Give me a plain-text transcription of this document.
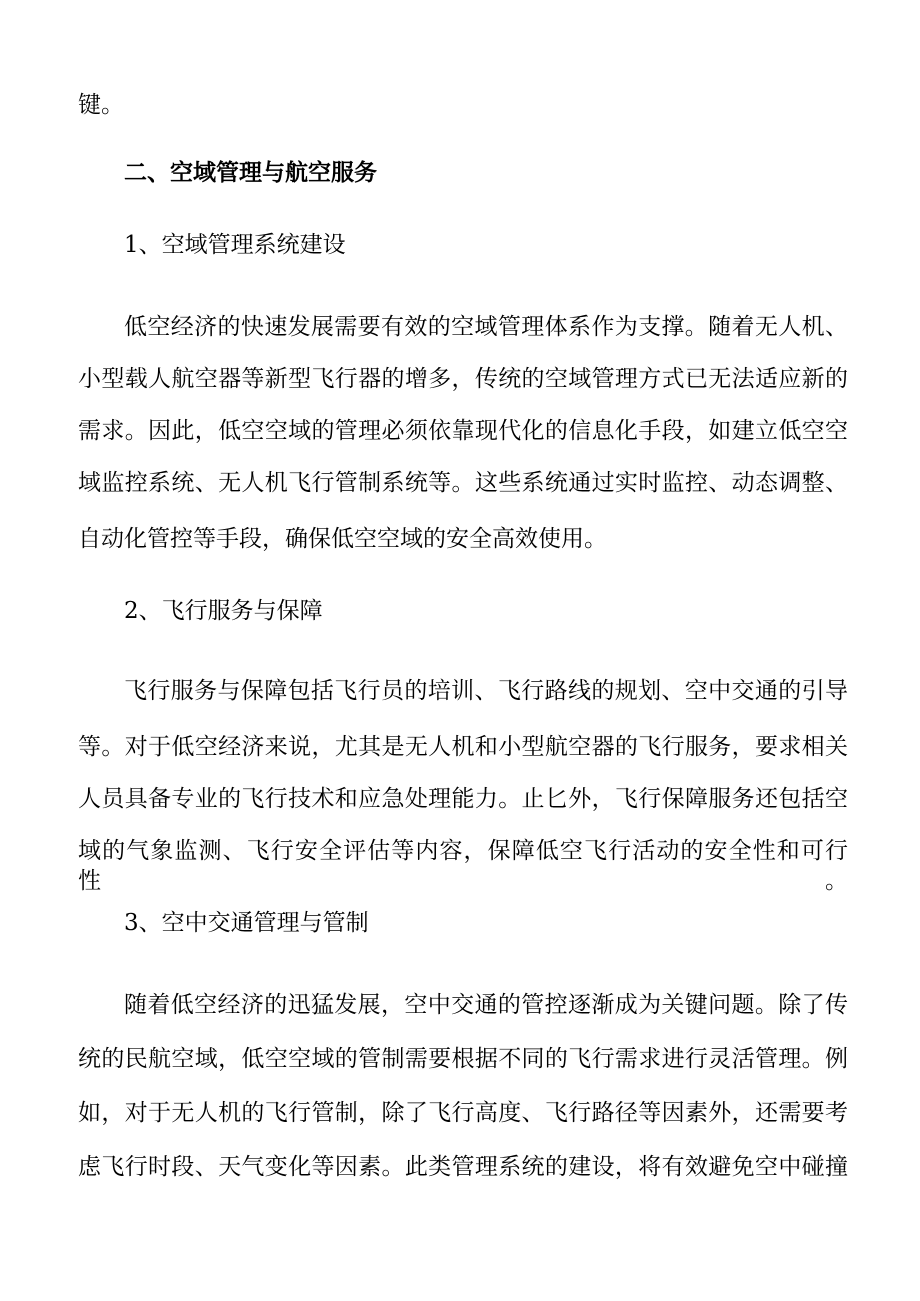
键。

二、空域管理与航空服务

1、空域管理系统建设

低空经济的快速发展需要有效的空域管理体系作为支撑。随着无人机、

小型载人航空器等新型飞行器的增多，传统的空域管理方式已无法适应新的

需求。因此，低空空域的管理必须依靠现代化的信息化手段，如建立低空空

域监控系统、无人机飞行管制系统等。这些系统通过实时监控、动态调整、

自动化管控等手段，确保低空空域的安全高效使用。

2、飞行服务与保障

飞行服务与保障包括飞行员的培训、飞行路线的规划、空中交通的引导

等。对于低空经济来说，尤其是无人机和小型航空器的飞行服务，要求相关

人员具备专业的飞行技术和应急处理能力。止匕外，飞行保障服务还包括空

域的气象监测、飞行安全评估等内容，保障低空飞行活动的安全性和可行性。

3、空中交通管理与管制

随着低空经济的迅猛发展，空中交通的管控逐渐成为关键问题。除了传

统的民航空域，低空空域的管制需要根据不同的飞行需求进行灵活管理。例

如，对于无人机的飞行管制，除了飞行高度、飞行路径等因素外，还需要考

虑飞行时段、天气变化等因素。此类管理系统的建设，将有效避免空中碰撞
